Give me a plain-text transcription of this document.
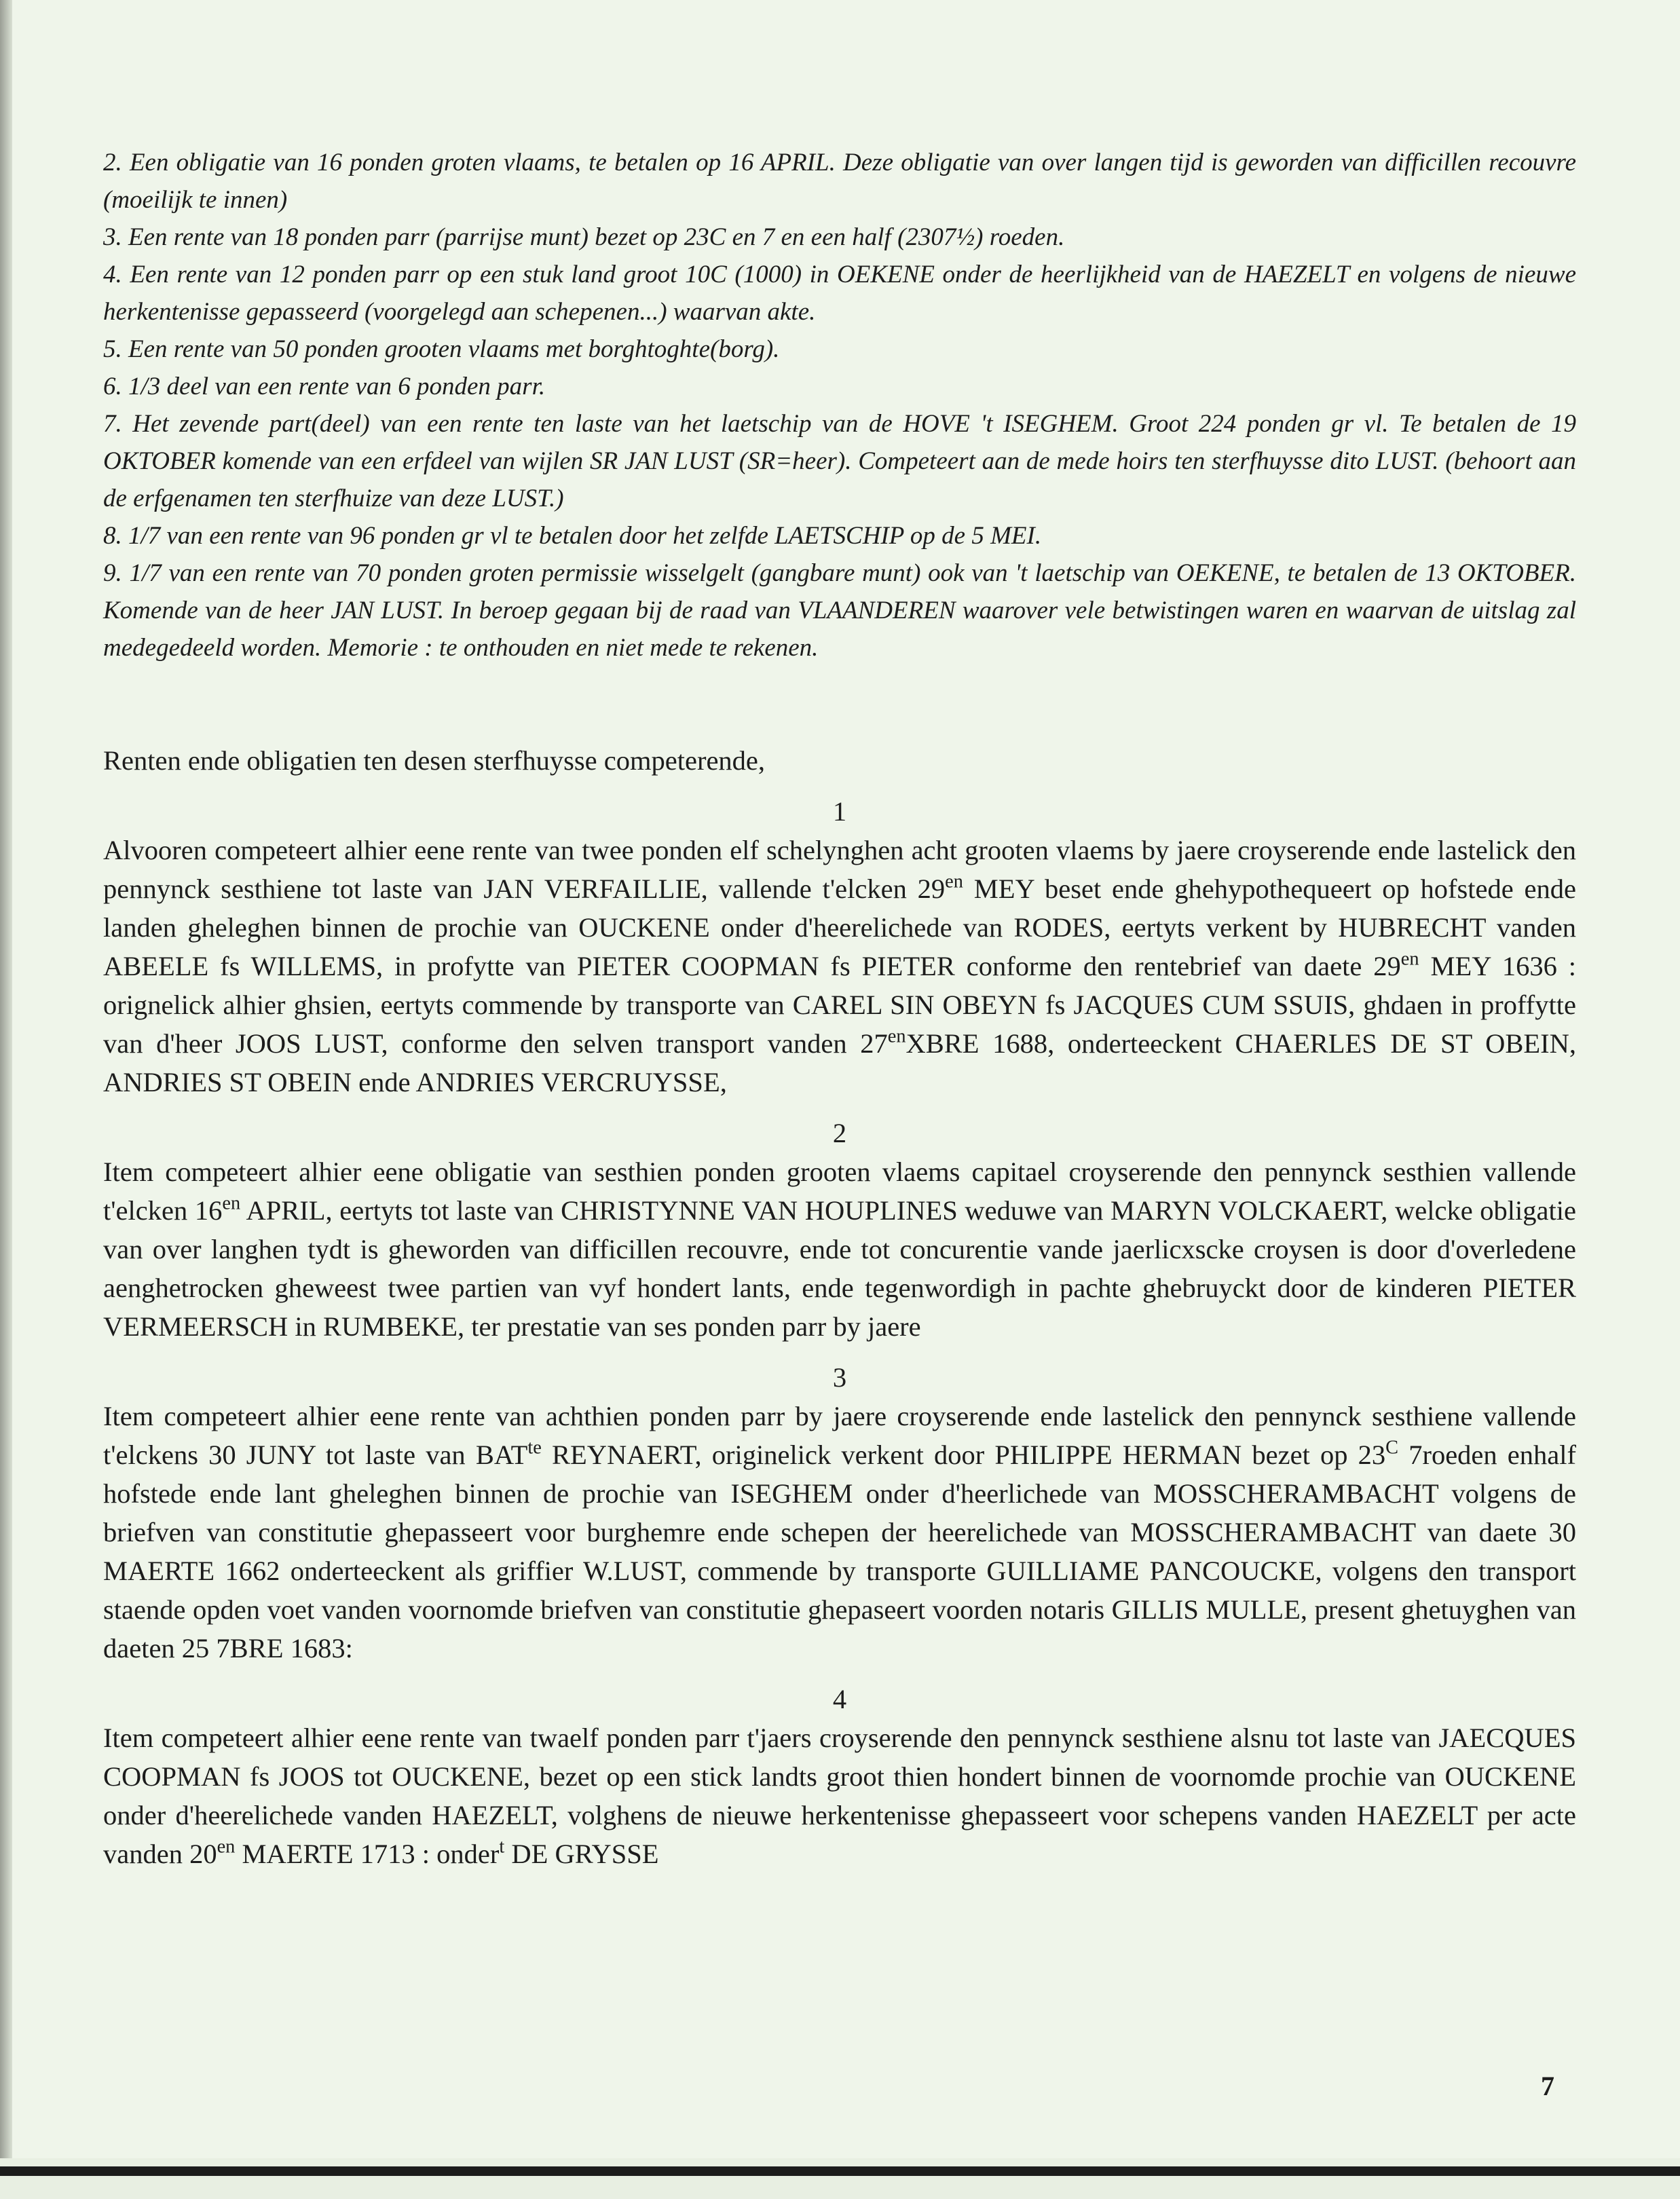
2. Een obligatie van 16 ponden groten vlaams, te betalen op 16 APRIL. Deze obligatie van over langen tijd is geworden van difficillen recouvre (moeilijk te innen)

3. Een rente van 18 ponden parr (parrijse munt) bezet op 23C en 7 en een half (2307½) roeden.

4. Een rente van 12 ponden parr op een stuk land groot 10C (1000) in OEKENE onder de heerlijkheid van de HAEZELT en volgens de nieuwe herkentenisse gepasseerd (voorgelegd aan schepenen...) waarvan akte.

5. Een rente van 50 ponden grooten vlaams met borghtoghte(borg).

6. 1/3 deel van een rente van 6 ponden parr.

7. Het zevende part(deel) van een rente ten laste van het laetschip van de HOVE 't ISEGHEM. Groot 224 ponden gr vl. Te betalen de 19 OKTOBER komende van een erfdeel van wijlen SR JAN LUST (SR=heer). Competeert aan de mede hoirs ten sterfhuysse dito LUST. (behoort aan de erfgenamen ten sterfhuize van deze LUST.)

8. 1/7 van een rente van 96 ponden gr vl te betalen door het zelfde LAETSCHIP op de 5 MEI.

9. 1/7 van een rente van 70 ponden groten permissie wisselgelt (gangbare munt) ook van 't laetschip van OEKENE, te betalen de 13 OKTOBER. Komende van de heer JAN LUST. In beroep gegaan bij de raad van VLAANDEREN waarover vele betwistingen waren en waarvan de uitslag zal medegedeeld worden. Memorie : te onthouden en niet mede te rekenen.

Renten ende obligatien ten desen sterfhuysse competerende,

1

Alvooren competeert alhier eene rente van twee ponden elf schelynghen acht grooten vlaems by jaere croyserende ende lastelick den pennynck sesthiene tot laste van JAN VERFAILLIE, vallende t'elcken $29^{en}$ MEY beset ende ghehypothequeert op hofstede ende landen gheleghen binnen de prochie van OUCKENE onder d'heerelichede van RODES, eertyts verkent by HUBRECHT vanden ABEELE fs WILLEMS, in profytte van PIETER COOPMAN fs PIETER conforme den rentebrief van daete $29^{en}$ MEY 1636 : orignelick alhier ghsien, eertyts commende by transporte van CAREL SIN OBEYN fs JACQUES CUM SSUIS, ghdaen in proffytte van d'heer JOOS LUST, conforme den selven transport vanden $27^{en}XBRE$ 1688, onderteeckent CHAERLES DE ST OBEIN, ANDRIES ST OBEIN ende ANDRIES VERCRUYSSE,

2

Item competeert alhier eene obligatie van sesthien ponden grooten vlaems capitael croyserende den pennynck sesthien vallende t'elcken $16^{en}$ APRIL, eertyts tot laste van CHRISTYNNE VAN HOUPLINES weduwe van MARYN VOLCKAERT, welcke obligatie van over langhen tydt is gheworden van difficillen recouvre, ende tot concurentie vande jaerlicxscke croysen is door d'overledene aenghetrocken gheweest twee partien van vyf hondert lants, ende tegenwordigh in pachte ghebruyckt door de kinderen PIETER VERMEERSCH in RUMBEKE, ter prestatie van ses ponden parr by jaere

3

Item competeert alhier eene rente van achthien ponden parr by jaere croyserende ende lastelick den pennynck sesthiene vallende t'elckens 30 JUNY tot laste van $BAT^{te}$ REYNAERT, originelick verkent door PHILIPPE HERMAN bezet op $23^C$ 7roeden enhalf hofstede ende lant gheleghen binnen de prochie van ISEGHEM onder d'heerlichede van MOSSCHERAMBACHT volgens de briefven van constitutie ghepasseert voor burghemre ende schepen der heerelichede van MOSSCHERAMBACHT van daete 30 MAERTE 1662 onderteeckent als griffier W.LUST, commende by transporte GUILLIAME PANCOUCKE, volgens den transport staende opden voet vanden voornomde briefven van constitutie ghepaseert voorden notaris GILLIS MULLE, present ghetuyghen van daeten 25 7BRE 1683:

4

Item competeert alhier eene rente van twaelf ponden parr t'jaers croyserende den pennynck sesthiene alsnu tot laste van JAECQUES COOPMAN fs JOOS tot OUCKENE, bezet op een stick landts groot thien hondert binnen de voornomde prochie van OUCKENE onder d'heerelichede vanden HAEZELT, volghens de nieuwe herkentenisse ghepasseert voor schepens vanden HAEZELT per acte vanden $20^{en}$ MAERTE 1713 : onder$^t$ DE GRYSSE

7
